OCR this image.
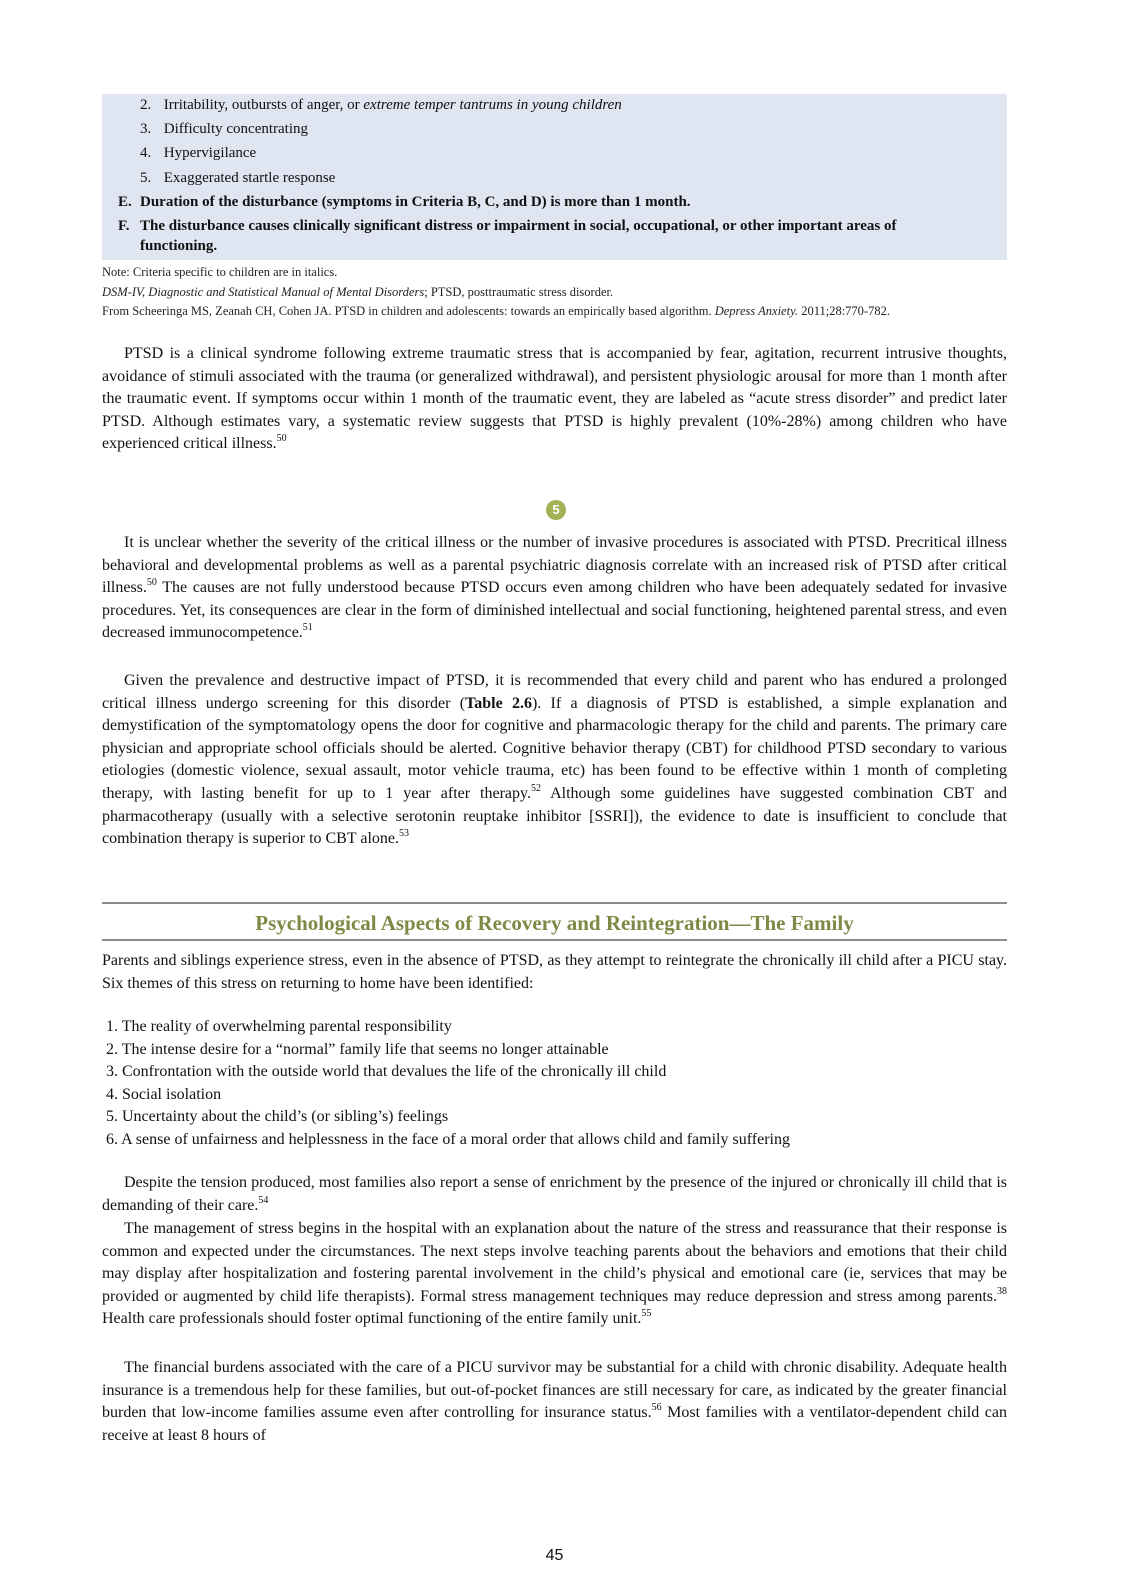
2. Irritability, outbursts of anger, or extreme temper tantrums in young children
3. Difficulty concentrating
4. Hypervigilance
5. Exaggerated startle response
E. Duration of the disturbance (symptoms in Criteria B, C, and D) is more than 1 month.
F. The disturbance causes clinically significant distress or impairment in social, occupational, or other important areas of functioning.
Note: Criteria specific to children are in italics.
DSM-IV, Diagnostic and Statistical Manual of Mental Disorders; PTSD, posttraumatic stress disorder.
From Scheeringa MS, Zeanah CH, Cohen JA. PTSD in children and adolescents: towards an empirically based algorithm. Depress Anxiety. 2011;28:770-782.

PTSD is a clinical syndrome following extreme traumatic stress that is accompanied by fear, agitation, recurrent intrusive thoughts, avoidance of stimuli associated with the trauma (or generalized withdrawal), and persistent physiologic arousal for more than 1 month after the traumatic event. If symptoms occur within 1 month of the traumatic event, they are labeled as “acute stress disorder” and predict later PTSD. Although estimates vary, a systematic review suggests that PTSD is highly prevalent (10%-28%) among children who have experienced critical illness.$^{50}$

5

It is unclear whether the severity of the critical illness or the number of invasive procedures is associated with PTSD. Precritical illness behavioral and developmental problems as well as a parental psychiatric diagnosis correlate with an increased risk of PTSD after critical illness.$^{50}$ The causes are not fully understood because PTSD occurs even among children who have been adequately sedated for invasive procedures. Yet, its consequences are clear in the form of diminished intellectual and social functioning, heightened parental stress, and even decreased immunocompetence.$^{51}$

Given the prevalence and destructive impact of PTSD, it is recommended that every child and parent who has endured a prolonged critical illness undergo screening for this disorder (Table 2.6). If a diagnosis of PTSD is established, a simple explanation and demystification of the symptomatology opens the door for cognitive and pharmacologic therapy for the child and parents. The primary care physician and appropriate school officials should be alerted. Cognitive behavior therapy (CBT) for childhood PTSD secondary to various etiologies (domestic violence, sexual assault, motor vehicle trauma, etc) has been found to be effective within 1 month of completing therapy, with lasting benefit for up to 1 year after therapy.$^{52}$ Although some guidelines have suggested combination CBT and pharmacotherapy (usually with a selective serotonin reuptake inhibitor [SSRI]), the evidence to date is insufficient to conclude that combination therapy is superior to CBT alone.$^{53}$

Psychological Aspects of Recovery and Reintegration—The Family

Parents and siblings experience stress, even in the absence of PTSD, as they attempt to reintegrate the chronically ill child after a PICU stay. Six themes of this stress on returning to home have been identified:

1. The reality of overwhelming parental responsibility
2. The intense desire for a “normal” family life that seems no longer attainable
3. Confrontation with the outside world that devalues the life of the chronically ill child
4. Social isolation
5. Uncertainty about the child’s (or sibling’s) feelings
6. A sense of unfairness and helplessness in the face of a moral order that allows child and family suffering

Despite the tension produced, most families also report a sense of enrichment by the presence of the injured or chronically ill child that is demanding of their care.$^{54}$

The management of stress begins in the hospital with an explanation about the nature of the stress and reassurance that their response is common and expected under the circumstances. The next steps involve teaching parents about the behaviors and emotions that their child may display after hospitalization and fostering parental involvement in the child’s physical and emotional care (ie, services that may be provided or augmented by child life therapists). Formal stress management techniques may reduce depression and stress among parents.$^{38}$ Health care professionals should foster optimal functioning of the entire family unit.$^{55}$

The financial burdens associated with the care of a PICU survivor may be substantial for a child with chronic disability. Adequate health insurance is a tremendous help for these families, but out-of-pocket finances are still necessary for care, as indicated by the greater financial burden that low-income families assume even after controlling for insurance status.$^{56}$ Most families with a ventilator-dependent child can receive at least 8 hours of

45
